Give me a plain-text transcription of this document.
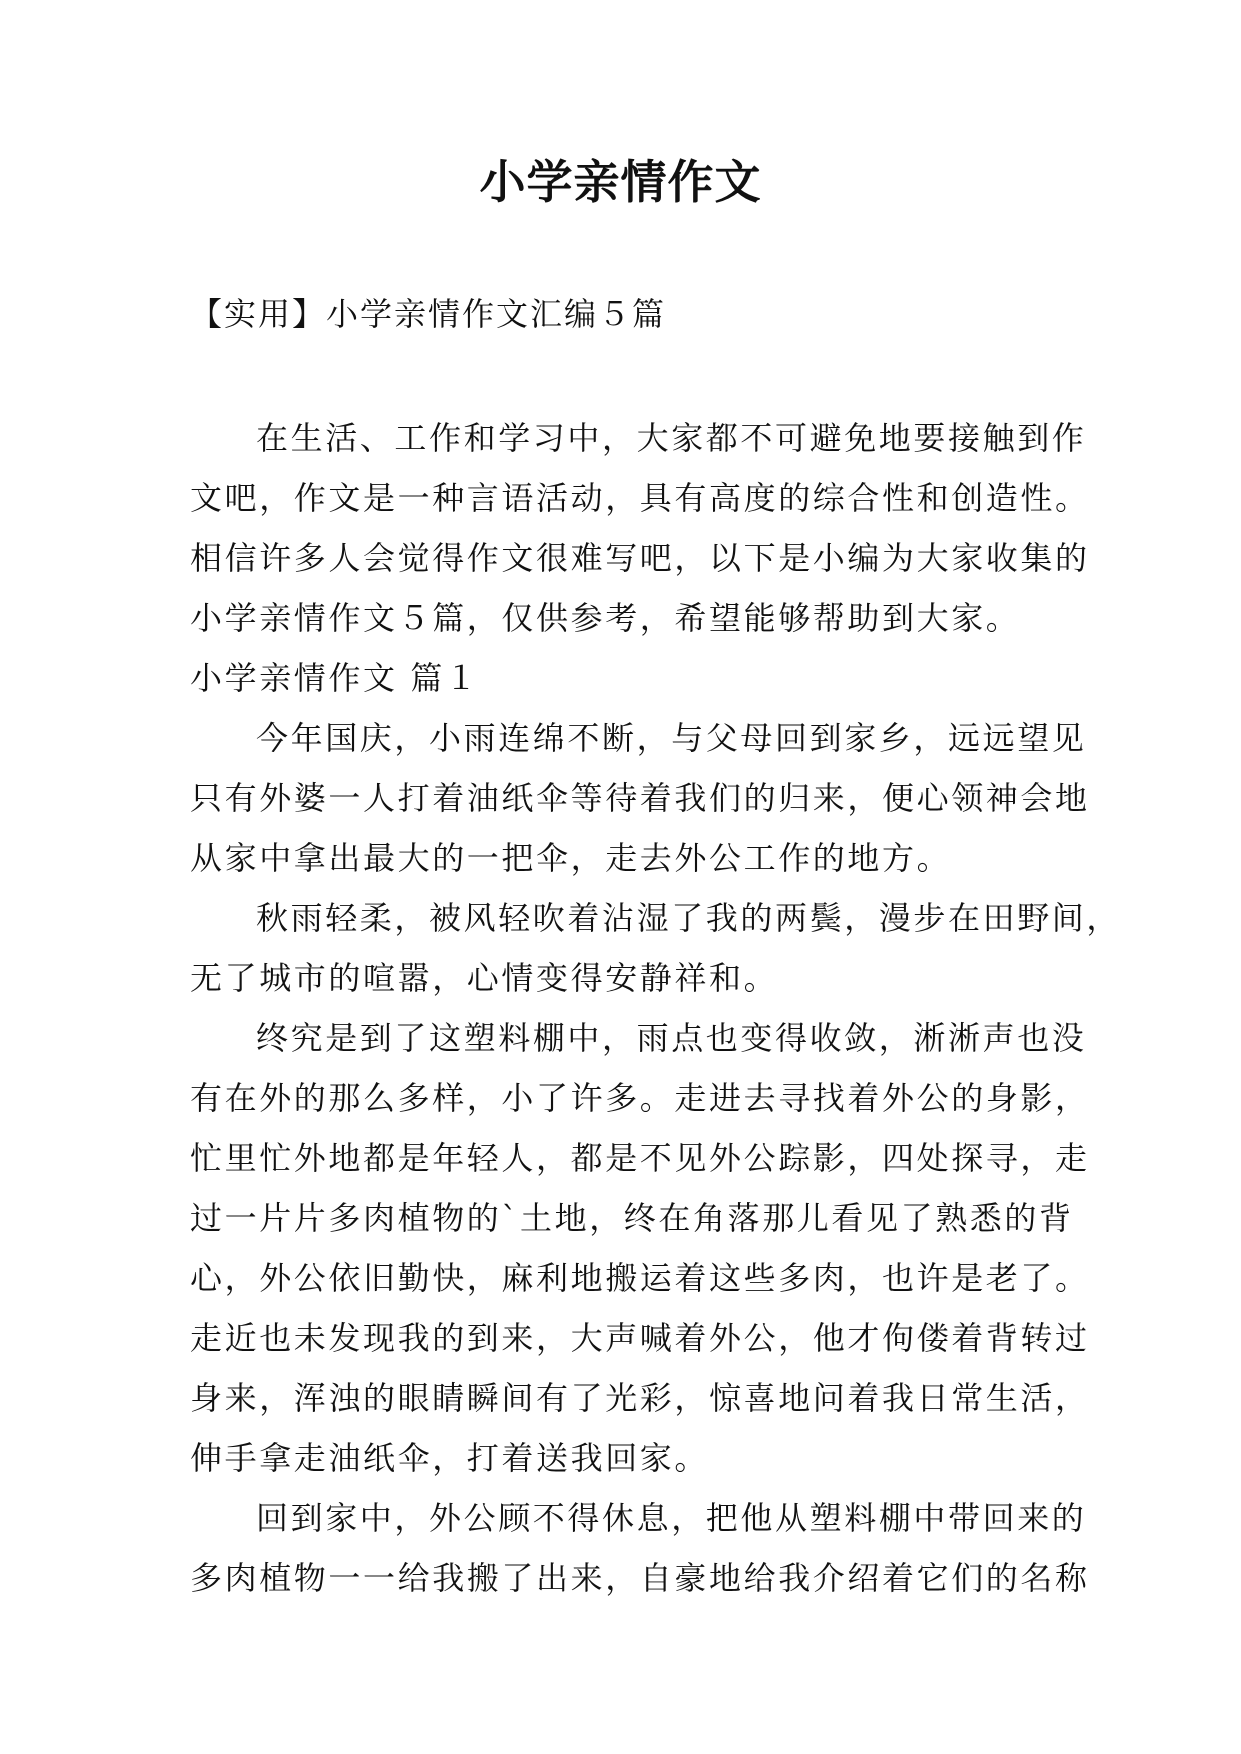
小学亲情作文

【实用】小学亲情作文汇编５篇

在生活、工作和学习中，大家都不可避免地要接触到作

文吧，作文是一种言语活动，具有高度的综合性和创造性。

相信许多人会觉得作文很难写吧，以下是小编为大家收集的

小学亲情作文５篇，仅供参考，希望能够帮助到大家。

小学亲情作文 篇１

今年国庆，小雨连绵不断，与父母回到家乡，远远望见

只有外婆一人打着油纸伞等待着我们的归来，便心领神会地

从家中拿出最大的一把伞，走去外公工作的地方。

秋雨轻柔，被风轻吹着沾湿了我的两鬓，漫步在田野间，

无了城市的喧嚣，心情变得安静祥和。

终究是到了这塑料棚中，雨点也变得收敛，淅淅声也没

有在外的那么多样，小了许多。走进去寻找着外公的身影，

忙里忙外地都是年轻人，都是不见外公踪影，四处探寻，走

过一片片多肉植物的`土地，终在角落那儿看见了熟悉的背

心，外公依旧勤快，麻利地搬运着这些多肉，也许是老了。

走近也未发现我的到来，大声喊着外公，他才佝偻着背转过

身来，浑浊的眼睛瞬间有了光彩，惊喜地问着我日常生活，

伸手拿走油纸伞，打着送我回家。

回到家中，外公顾不得休息，把他从塑料棚中带回来的

多肉植物一一给我搬了出来，自豪地给我介绍着它们的名称
